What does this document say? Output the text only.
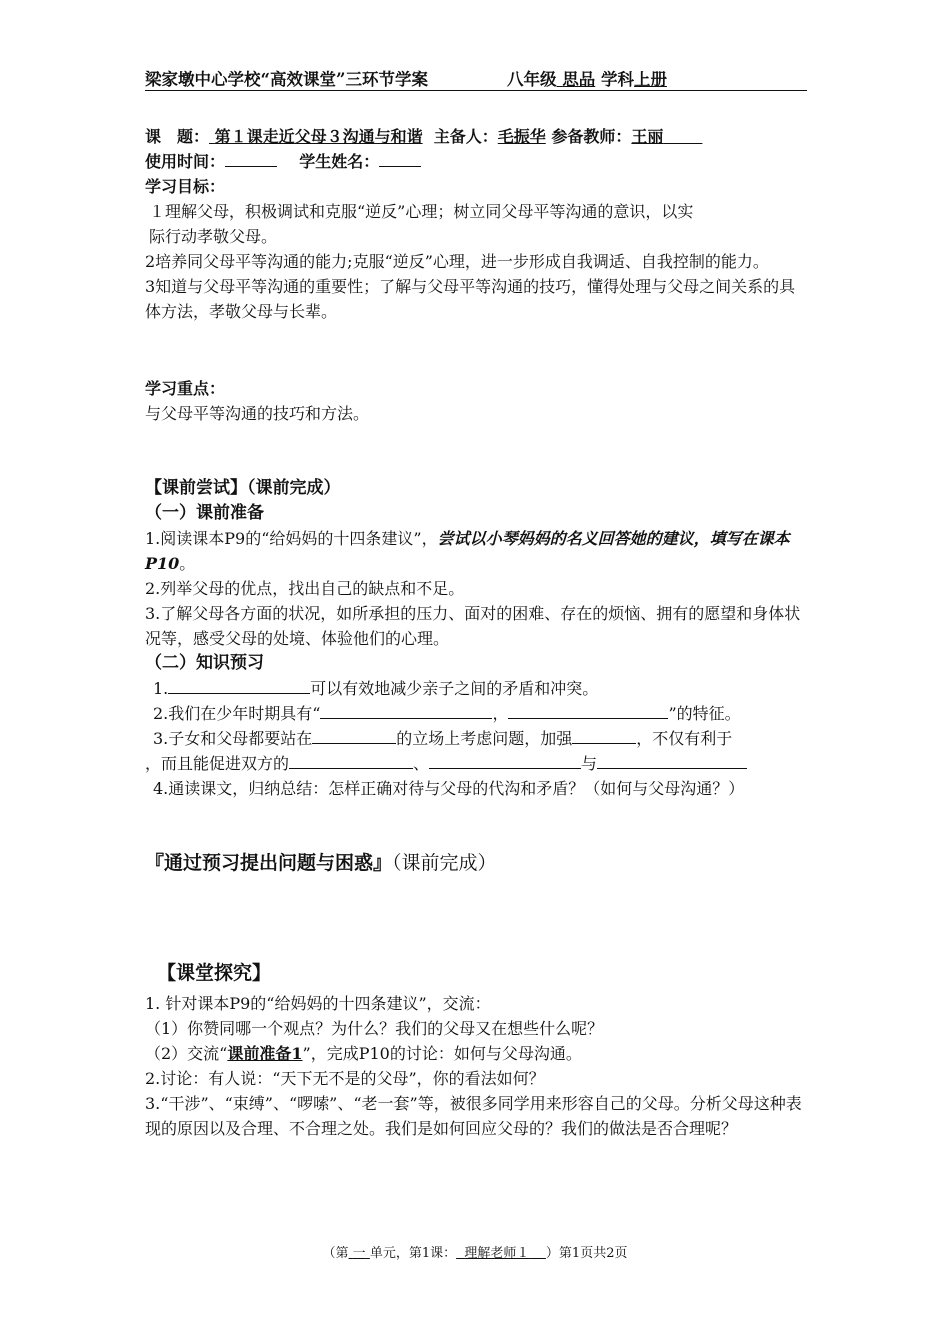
梁家墩中心学校“高效课堂”三环节学案	八年级 思品 学科上册
课　题： 第１课走近父母３沟通与和谐 主备人：毛振华 参备教师：王丽
使用时间：	学生姓名：
学习目标：
１理解父母，积极调试和克服“逆反”心理；树立同父母平等沟通的意识，以实
际行动孝敬父母。
2培养同父母平等沟通的能力;克服“逆反”心理，进一步形成自我调适、自我控制的能力。
3知道与父母平等沟通的重要性；了解与父母平等沟通的技巧，懂得处理与父母之间关系的具体方法，孝敬父母与长辈。
学习重点：
与父母平等沟通的技巧和方法。
【课前尝试】（课前完成）
（一）课前准备
1.阅读课本P9的“给妈妈的十四条建议”，尝试以小琴妈妈的名义回答她的建议，填写在课本P10。
2.列举父母的优点，找出自己的缺点和不足。
3.了解父母各方面的状况，如所承担的压力、面对的困难、存在的烦恼、拥有的愿望和身体状况等，感受父母的处境、体验他们的心理。
（二）知识预习
1.	可以有效地减少亲子之间的矛盾和冲突。
2.我们在少年时期具有“	，	”的特征。
3.子女和父母都要站在	的立场上考虑问题，加强	，不仅有利于
，而且能促进双方的	、	与
4.通读课文，归纳总结：怎样正确对待与父母的代沟和矛盾？（如何与父母沟通？）
『通过预习提出问题与困惑』（课前完成）
【课堂探究】
1. 针对课本P9的“给妈妈的十四条建议”，交流：
（1）你赞同哪一个观点？为什么？我们的父母又在想些什么呢？
（2）交流“课前准备1”，完成P10的讨论：如何与父母沟通。
2.讨论：有人说：“天下无不是的父母”，你的看法如何？
3.“干涉”、“束缚”、“啰嗦”、“老一套”等，被很多同学用来形容自己的父母。分析父母这种表现的原因以及合理、不合理之处。我们是如何回应父母的？我们的做法是否合理呢？
（第 一 单元，第1课： 理解老师１ ）第1页共2页
